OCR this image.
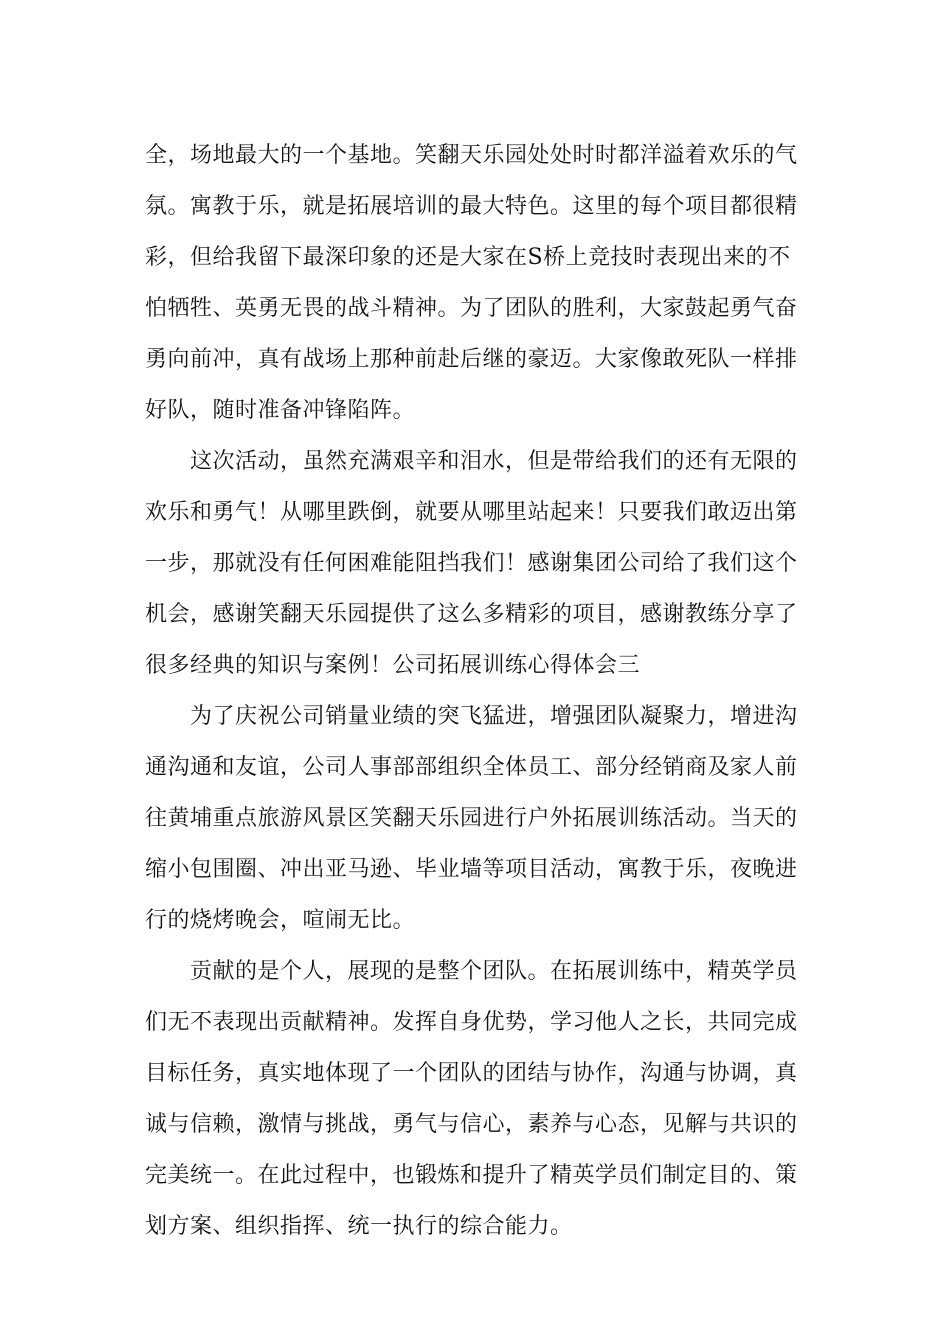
全，场地最大的一个基地。笑翻天乐园处处时时都洋溢着欢乐的气
氛。寓教于乐，就是拓展培训的最大特色。这里的每个项目都很精
彩，但给我留下最深印象的还是大家在S桥上竞技时表现出来的不
怕牺牲、英勇无畏的战斗精神。为了团队的胜利，大家鼓起勇气奋
勇向前冲，真有战场上那种前赴后继的豪迈。大家像敢死队一样排
好队，随时准备冲锋陷阵。
这次活动，虽然充满艰辛和泪水，但是带给我们的还有无限的
欢乐和勇气！从哪里跌倒，就要从哪里站起来！只要我们敢迈出第
一步，那就没有任何困难能阻挡我们！感谢集团公司给了我们这个
机会，感谢笑翻天乐园提供了这么多精彩的项目，感谢教练分享了
很多经典的知识与案例！公司拓展训练心得体会三
为了庆祝公司销量业绩的突飞猛进，增强团队凝聚力，增进沟
通沟通和友谊，公司人事部部组织全体员工、部分经销商及家人前
往黄埔重点旅游风景区笑翻天乐园进行户外拓展训练活动。当天的
缩小包围圈、冲出亚马逊、毕业墙等项目活动，寓教于乐，夜晚进
行的烧烤晚会，喧闹无比。
贡献的是个人，展现的是整个团队。在拓展训练中，精英学员
们无不表现出贡献精神。发挥自身优势，学习他人之长，共同完成
目标任务，真实地体现了一个团队的团结与协作，沟通与协调，真
诚与信赖，激情与挑战，勇气与信心，素养与心态，见解与共识的
完美统一。在此过程中，也锻炼和提升了精英学员们制定目的、策
划方案、组织指挥、统一执行的综合能力。
